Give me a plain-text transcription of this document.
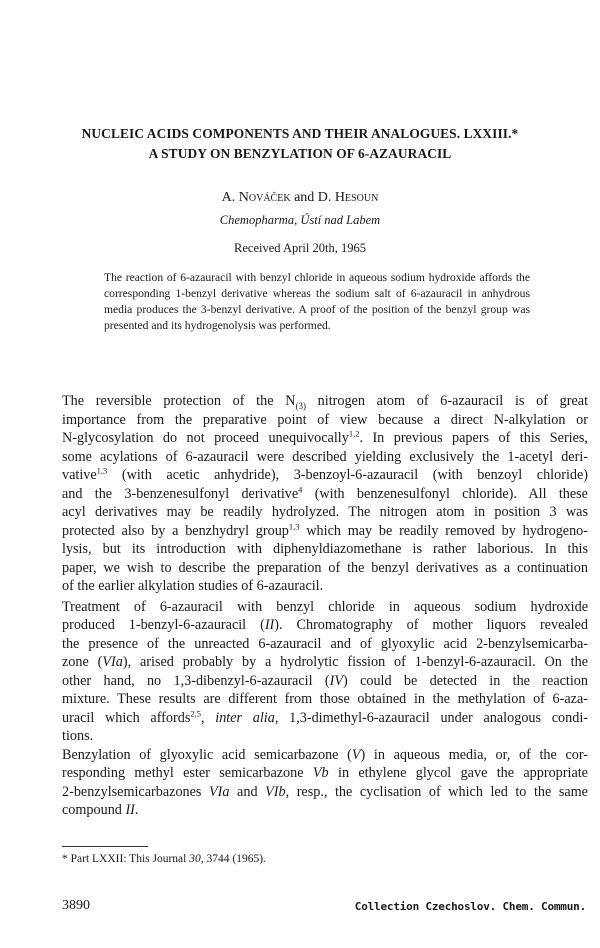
NUCLEIC ACIDS COMPONENTS AND THEIR ANALOGUES. LXXIII.*
A STUDY ON BENZYLATION OF 6-AZAURACIL
A. Nováček and D. Hesoun
Chemopharma, Ústí nad Labem
Received April 20th, 1965
The reaction of 6-azauracil with benzyl chloride in aqueous sodium hydroxide affords the corresponding 1-benzyl derivative whereas the sodium salt of 6-azauracil in anhydrous media produces the 3-benzyl derivative. A proof of the position of the benzyl group was presented and its hydrogenolysis was performed.
The reversible protection of the $N_{(3)}$ nitrogen atom of 6-azauracil is of great
importance from the preparative point of view because a direct N-alkylation or
N-glycosylation do not proceed unequivocally$^{1,2}$. In previous papers of this Series,
some acylations of 6-azauracil were described yielding exclusively the 1-acetyl deri-
vative$^{1,3}$ (with acetic anhydride), 3-benzoyl-6-azauracil (with benzoyl chloride)
and the 3-benzenesulfonyl derivative$^4$ (with benzenesulfonyl chloride). All these
acyl derivatives may be readily hydrolyzed. The nitrogen atom in position 3 was
protected also by a benzhydryl group$^{1,3}$ which may be readily removed by hydrogeno-
lysis, but its introduction with diphenyldiazomethane is rather laborious. In this
paper, we wish to describe the preparation of the benzyl derivatives as a continuation
of the earlier alkylation studies of 6-azauracil.
Treatment of 6-azauracil with benzyl chloride in aqueous sodium hydroxide
produced 1-benzyl-6-azauracil (II). Chromatography of mother liquors revealed
the presence of the unreacted 6-azauracil and of glyoxylic acid 2-benzylsemicarba-
zone (VIa), arised probably by a hydrolytic fission of 1-benzyl-6-azauracil. On the
other hand, no 1,3-dibenzyl-6-azauracil (IV) could be detected in the reaction
mixture. These results are different from those obtained in the methylation of 6-aza-
uracil which affords$^{2,5}$, inter alia, 1,3-dimethyl-6-azauracil under analogous condi-
tions.
Benzylation of glyoxylic acid semicarbazone (V) in aqueous media, or, of the cor-
responding methyl ester semicarbazone Vb in ethylene glycol gave the appropriate
2-benzylsemicarbazones VIa and VIb, resp., the cyclisation of which led to the same
compound II.
* Part LXXII: This Journal 30, 3744 (1965).
3890	Collection Czechoslov. Chem. Commun.
